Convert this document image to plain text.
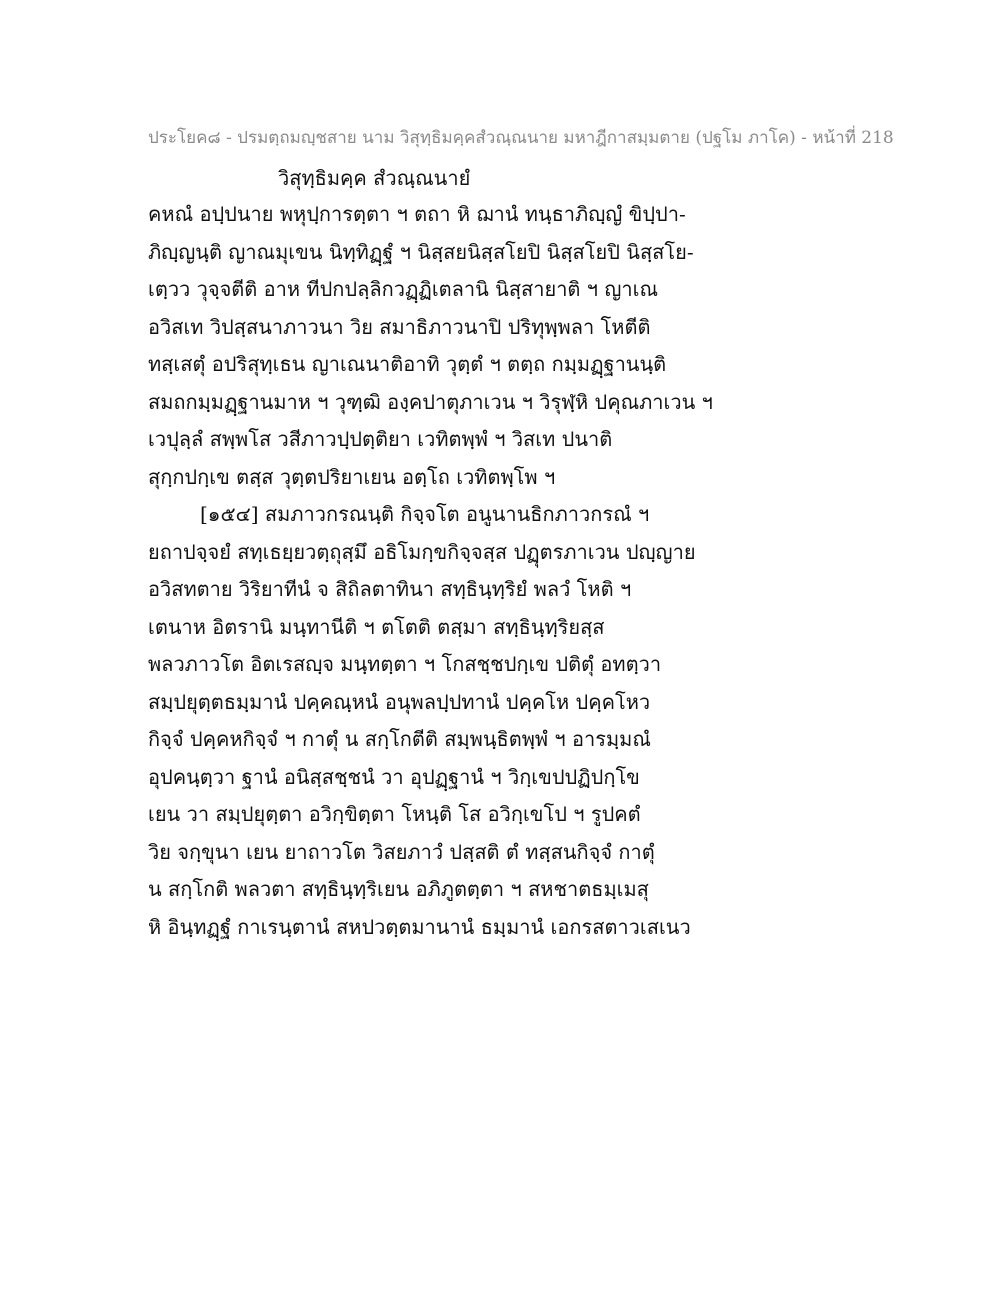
ประโยค๘ - ปรมตฺถมญฺชสาย นาม วิสุทฺธิมคฺคสํวณฺณนาย มหาฎีกาสมฺมตาย (ปฐโม ภาโค) - หน้าที่ 218
วิสุทฺธิมคฺค สํวณฺณนายํ
คหณํ อปฺปนาย พหุปฺการตฺตา ฯ ตถา หิ ฌานํ ทนฺธาภิญฺญํ ขิปฺปา-
ภิญฺญนฺติ ญาณมุเขน นิทฺทิฏฺฐํ ฯ นิสฺสยนิสฺสโยปิ นิสฺสโยปิ นิสฺสโย-
เตฺวว วุจฺจตีติ อาห ทีปกปลฺลิกวฏฺฏิเตลานิ นิสฺสายาติ ฯ ญาเณ
อวิสเท วิปสฺสนาภาวนา วิย สมาธิภาวนาปิ ปริทุพฺพลา โหตีติ
ทสฺเสตุํ อปริสุทฺเธน ญาเณนาติอาทิ วุตฺตํ ฯ ตตฺถ กมฺมฏฺฐานนฺติ
สมถกมฺมฏฺฐานมาห ฯ วุฑฺฒิ องฺคปาตุภาเวน ฯ วิรุฬฺหิ ปคุณภาเวน ฯ
เวปุลฺลํ สพฺพโส วสีภาวปฺปตฺติยา เวทิตพฺพํ ฯ วิสเท ปนาติ
สุกฺกปกฺเข ตสฺส วุตฺตปริยาเยน อตฺโถ เวทิตพฺโพ ฯ
[๑๕๔] สมภาวกรณนฺติ กิจฺจโต อนูนานธิกภาวกรณํ ฯ
ยถาปจฺจยํ สทฺเธยฺยวตฺถุสฺมึ อธิโมกฺขกิจฺจสฺส ปฏุตรภาเวน ปญฺญาย
อวิสทตาย วิริยาทีนํ จ สิถิลตาทินา สทฺธินฺทฺริยํ พลวํ โหติ ฯ
เตนาห อิตรานิ มนฺทานีติ ฯ ตโตติ ตสฺมา สทฺธินฺทฺริยสฺส
พลวภาวโต อิตเรสญฺจ มนฺทตฺตา ฯ โกสชฺชปกฺเข ปติตุํ อทตฺวา
สมฺปยุตฺตธมฺมานํ ปคฺคณฺหนํ อนุพลปฺปทานํ ปคฺคโห ปคฺคโหว
กิจฺจํ ปคฺคหกิจฺจํ ฯ กาตุํ น สกฺโกตีติ สมฺพนฺธิตพฺพํ ฯ อารมฺมณํ
อุปคนฺตฺวา ฐานํ อนิสฺสชฺชนํ วา อุปฏฺฐานํ ฯ วิกฺเขปปฏิปกฺโข
เยน วา สมฺปยุตฺตา อวิกฺขิตฺตา โหนฺติ โส อวิกฺเขโป ฯ รูปคตํ
วิย จกฺขุนา เยน ยาถาวโต วิสยภาวํ ปสฺสติ ตํ ทสฺสนกิจฺจํ กาตุํ
น สกฺโกติ พลวตา สทฺธินฺทฺริเยน อภิภูตตฺตา ฯ สหชาตธมฺเมสุ
หิ อินฺทฏฺฐํ กาเรนฺตานํ สหปวตฺตมานานํ ธมฺมานํ เอกรสตาวเสเนว
